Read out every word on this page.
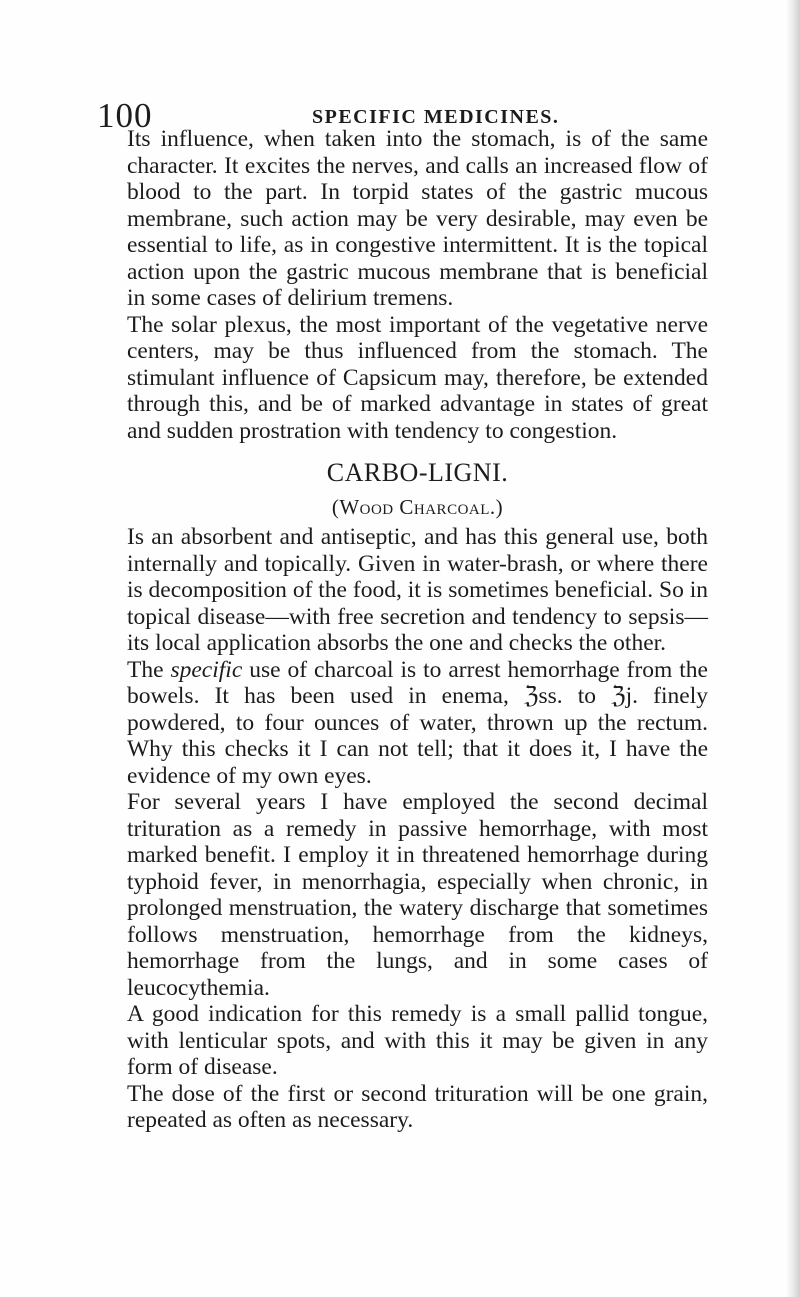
100	SPECIFIC MEDICINES.

Its influence, when taken into the stomach, is of the same character. It excites the nerves, and calls an increased flow of blood to the part. In torpid states of the gastric mucous membrane, such action may be very desirable, may even be essential to life, as in congestive intermittent. It is the topical action upon the gastric mucous membrane that is beneficial in some cases of delirium tremens.

The solar plexus, the most important of the vegetative nerve centers, may be thus influenced from the stomach. The stimulant influence of Capsicum may, therefore, be extended through this, and be of marked advantage in states of great and sudden prostration with tendency to congestion.

CARBO-LIGNI.
(Wood Charcoal.)

Is an absorbent and antiseptic, and has this general use, both internally and topically. Given in water-brash, or where there is decomposition of the food, it is sometimes beneficial. So in topical disease—with free secretion and tendency to sepsis—its local application absorbs the one and checks the other.

The specific use of charcoal is to arrest hemorrhage from the bowels. It has been used in enema, ℨss. to ℨj. finely powdered, to four ounces of water, thrown up the rectum. Why this checks it I can not tell; that it does it, I have the evidence of my own eyes.

For several years I have employed the second decimal trituration as a remedy in passive hemorrhage, with most marked benefit. I employ it in threatened hemorrhage during typhoid fever, in menorrhagia, especially when chronic, in prolonged menstruation, the watery discharge that sometimes follows menstruation, hemorrhage from the kidneys, hemorrhage from the lungs, and in some cases of leucocythemia.

A good indication for this remedy is a small pallid tongue, with lenticular spots, and with this it may be given in any form of disease.

The dose of the first or second trituration will be one grain, repeated as often as necessary.
